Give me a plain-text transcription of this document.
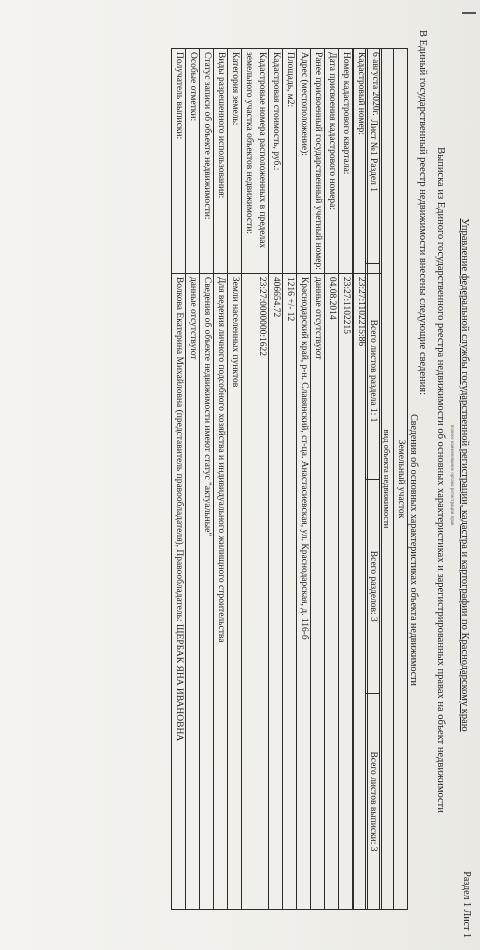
Раздел 1 Лист 1
Управление федеральной службы государственной регистрации, кадастра и картографии по Краснодарскому краю
полное наименование органа регистрации прав
Выписка из Единого государственного реестра недвижимости об основных характеристиках и зарегистрированных правах на объект недвижимости
В Единый государственный реестр недвижимости внесены следующие сведения:
Сведения об основных характеристиках объекта недвижимости
Земельный участок
вид объекта недвижимости
Лист №1 Раздел 1	Всего листов раздела 1: 1	Всего разделов: 3	Всего листов выписки: 3
6 августа 2020г.	
Кадастровый номер:	23:27:1102215:86

Номер кадастрового квартала:	23:27:1102215
Дата присвоения кадастрового номера:	04.08.2014
Ранее присвоенный государственный учетный номер:	данные отсутствуют
Адрес (местоположение):	Краснодарский край, р-н. Славянский, ст-ца. Анастасиевская, ул. Краснодарская, д. 116-б
Площадь, м2:	1216 +/- 12
Кадастровая стоимость, руб.:	406654.72
Кадастровые номера расположенных в пределах земельного участка объектов недвижимости:	23:27:0000000:1622
Категория земель:	Земли населенных пунктов
Виды разрешенного использования:	Для ведения личного подсобного хозяйства и индивидуального жилищного строительства
Статус записи об объекте недвижимости:	Сведения об объекте недвижимости имеют статус "актуальные"
Особые отметки:	данные отсутствуют
Получатель выписки:	Волкова Екатерина Михайловна (представитель правообладателя), Правообладатель: ЩЕРБАК ЯНА ИВАНОВНА
